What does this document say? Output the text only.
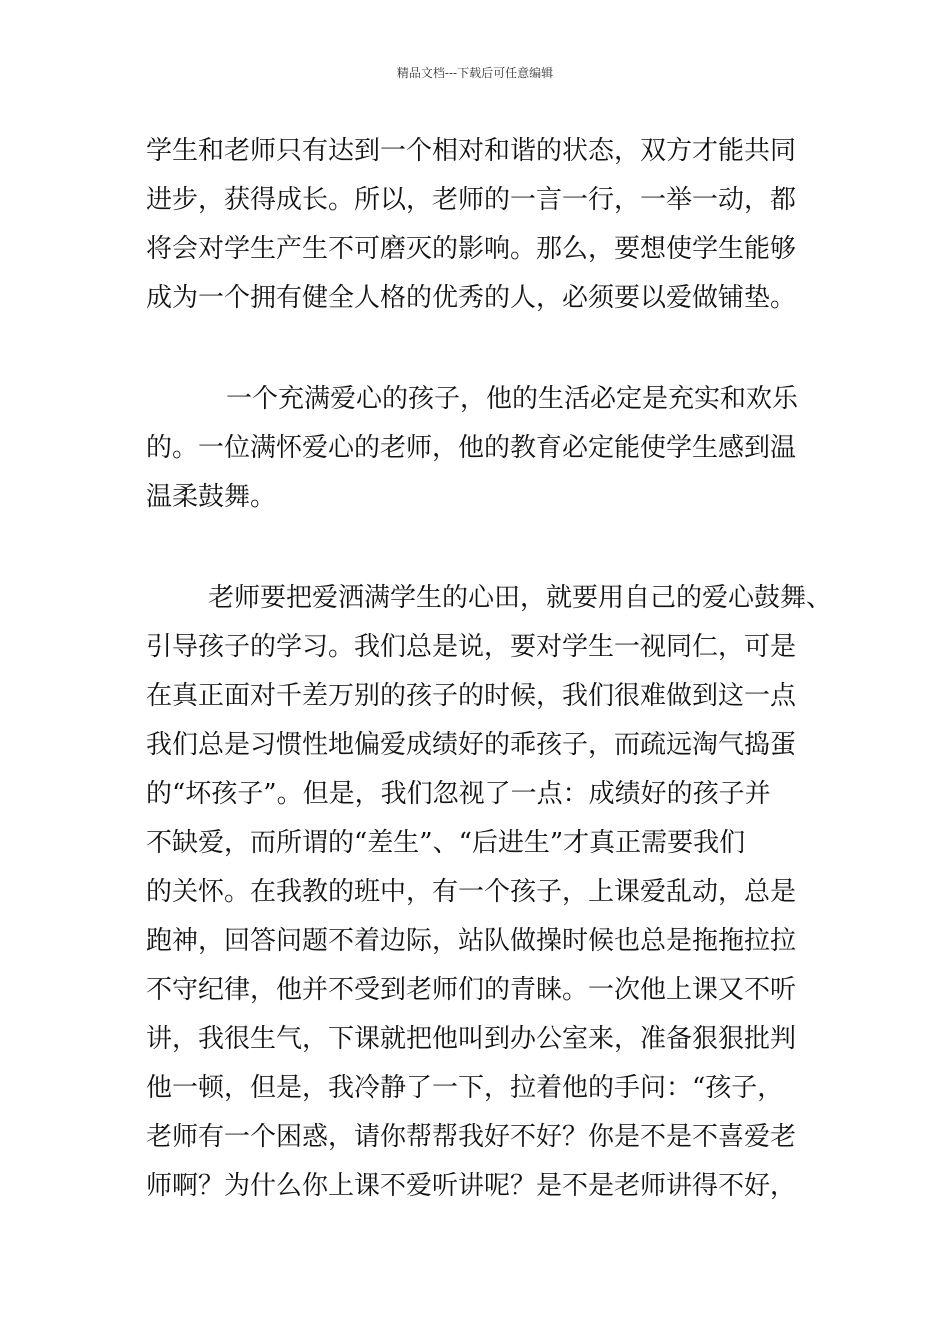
精品文档---下载后可任意编辑
学生和老师只有达到一个相对和谐的状态，双方才能共同
进步，获得成长。所以，老师的一言一行，一举一动，都
将会对学生产生不可磨灭的影响。那么，要想使学生能够
成为一个拥有健全人格的优秀的人，必须要以爱做铺垫。
一个充满爱心的孩子，他的生活必定是充实和欢乐
的。一位满怀爱心的老师，他的教育必定能使学生感到温
温柔鼓舞。
老师要把爱洒满学生的心田，就要用自己的爱心鼓舞、
引导孩子的学习。我们总是说，要对学生一视同仁，可是
在真正面对千差万别的孩子的时候，我们很难做到这一点
我们总是习惯性地偏爱成绩好的乖孩子，而疏远淘气捣蛋
的“坏孩子”。但是，我们忽视了一点：成绩好的孩子并
不缺爱，而所谓的“差生”、“后进生”才真正需要我们
的关怀。在我教的班中，有一个孩子，上课爱乱动，总是
跑神，回答问题不着边际，站队做操时候也总是拖拖拉拉
不守纪律，他并不受到老师们的青睐。一次他上课又不听
讲，我很生气，下课就把他叫到办公室来，准备狠狠批判
他一顿，但是，我冷静了一下，拉着他的手问：“孩子，
老师有一个困惑，请你帮帮我好不好？你是不是不喜爱老
师啊？为什么你上课不爱听讲呢？是不是老师讲得不好，
